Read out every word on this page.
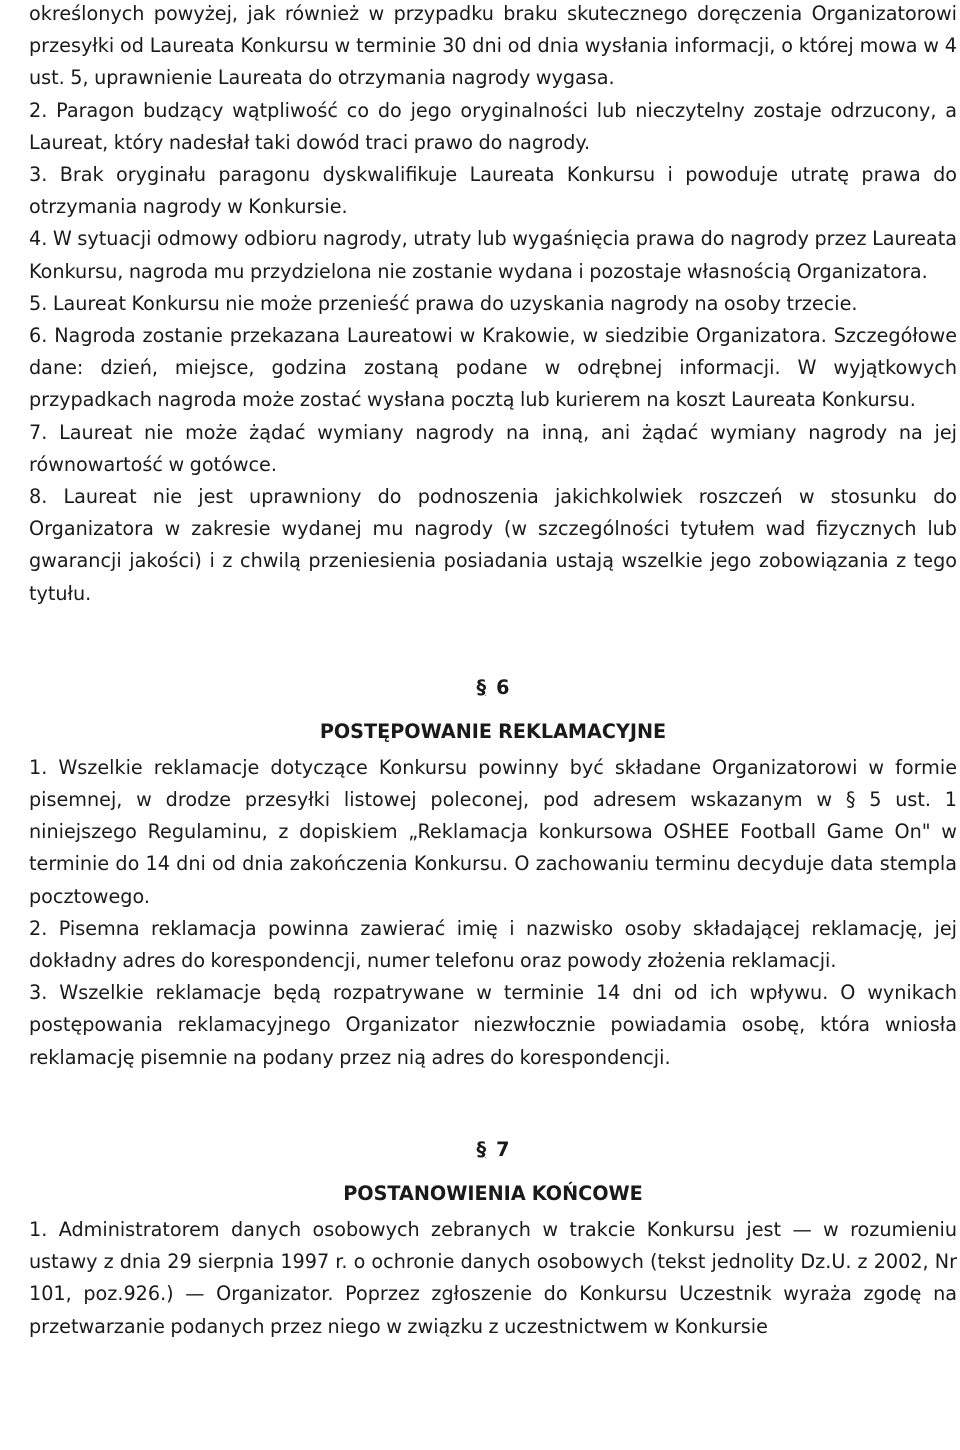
określonych powyżej, jak również w przypadku braku skutecznego doręczenia Organizatorowi przesyłki od Laureata Konkursu w terminie 30 dni od dnia wysłania informacji, o której mowa w 4 ust. 5, uprawnienie Laureata do otrzymania nagrody wygasa.

2. Paragon budzący wątpliwość co do jego oryginalności lub nieczytelny zostaje odrzucony, a Laureat, który nadesłał taki dowód traci prawo do nagrody.

3. Brak oryginału paragonu dyskwalifikuje Laureata Konkursu i powoduje utratę prawa do otrzymania nagrody w Konkursie.

4. W sytuacji odmowy odbioru nagrody, utraty lub wygaśnięcia prawa do nagrody przez Laureata Konkursu, nagroda mu przydzielona nie zostanie wydana i pozostaje własnością Organizatora.

5. Laureat Konkursu nie może przenieść prawa do uzyskania nagrody na osoby trzecie.

6. Nagroda zostanie przekazana Laureatowi w Krakowie, w siedzibie Organizatora. Szczegółowe dane: dzień, miejsce, godzina zostaną podane w odrębnej informacji. W wyjątkowych przypadkach nagroda może zostać wysłana pocztą lub kurierem na koszt Laureata Konkursu.

7. Laureat nie może żądać wymiany nagrody na inną, ani żądać wymiany nagrody na jej równowartość w gotówce.

8. Laureat nie jest uprawniony do podnoszenia jakichkolwiek roszczeń w stosunku do Organizatora w zakresie wydanej mu nagrody (w szczególności tytułem wad fizycznych lub gwarancji jakości) i z chwilą przeniesienia posiadania ustają wszelkie jego zobowiązania z tego tytułu.

§ 6

POSTĘPOWANIE REKLAMACYJNE

1. Wszelkie reklamacje dotyczące Konkursu powinny być składane Organizatorowi w formie pisemnej, w drodze przesyłki listowej poleconej, pod adresem wskazanym w § 5 ust. 1 niniejszego Regulaminu, z dopiskiem „Reklamacja konkursowa OSHEE Football Game On" w terminie do 14 dni od dnia zakończenia Konkursu. O zachowaniu terminu decyduje data stempla pocztowego.

2. Pisemna reklamacja powinna zawierać imię i nazwisko osoby składającej reklamację, jej dokładny adres do korespondencji, numer telefonu oraz powody złożenia reklamacji.

3. Wszelkie reklamacje będą rozpatrywane w terminie 14 dni od ich wpływu. O wynikach postępowania reklamacyjnego Organizator niezwłocznie powiadamia osobę, która wniosła reklamację pisemnie na podany przez nią adres do korespondencji.

§ 7

POSTANOWIENIA KOŃCOWE

1. Administratorem danych osobowych zebranych w trakcie Konkursu jest — w rozumieniu ustawy z dnia 29 sierpnia 1997 r. o ochronie danych osobowych (tekst jednolity Dz.U. z 2002, Nr 101, poz.926.) — Organizator. Poprzez zgłoszenie do Konkursu Uczestnik wyraża zgodę na przetwarzanie podanych przez niego w związku z uczestnictwem w Konkursie
